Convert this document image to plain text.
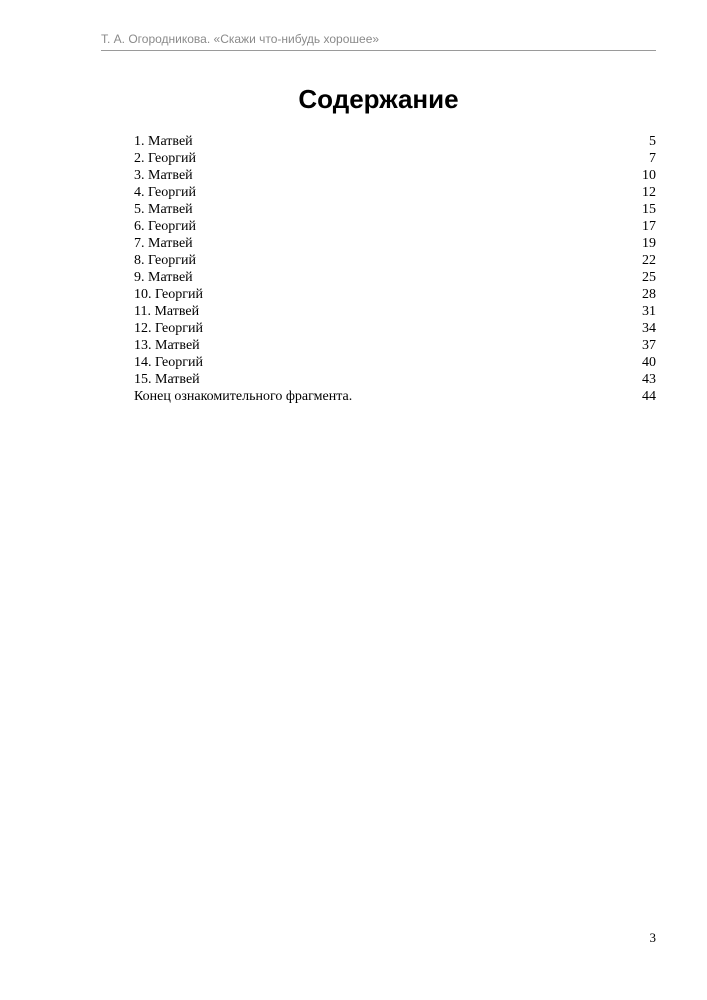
Т. А. Огородникова. «Скажи что-нибудь хорошее»
Содержание
1. Матвей	5
2. Георгий	7
3. Матвей	10
4. Георгий	12
5. Матвей	15
6. Георгий	17
7. Матвей	19
8. Георгий	22
9. Матвей	25
10. Георгий	28
11. Матвей	31
12. Георгий	34
13. Матвей	37
14. Георгий	40
15. Матвей	43
Конец ознакомительного фрагмента.	44
3
